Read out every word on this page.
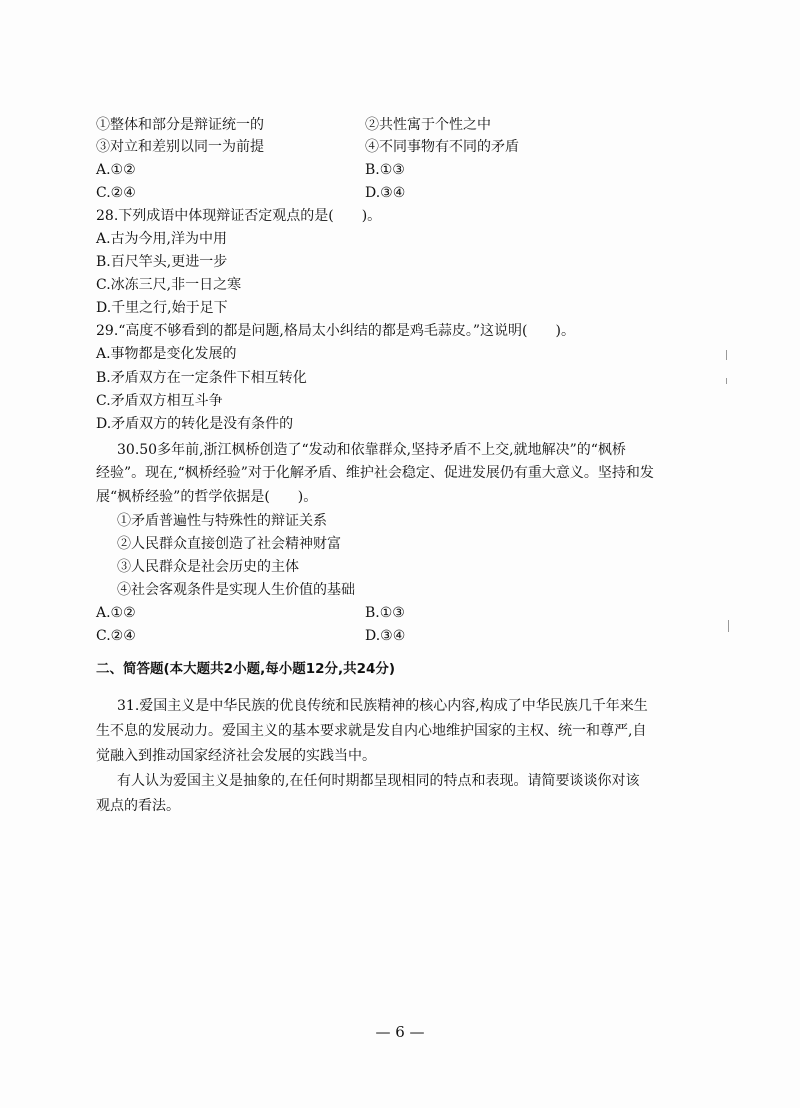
①整体和部分是辩证统一的	②共性寓于个性之中
③对立和差别以同一为前提	④不同事物有不同的矛盾
A.①②	B.①③
C.②④	D.③④
28.下列成语中体现辩证否定观点的是(　　)。
A.古为今用,洋为中用
B.百尺竿头,更进一步
C.冰冻三尺,非一日之寒
D.千里之行,始于足下
29.“高度不够看到的都是问题,格局太小纠结的都是鸡毛蒜皮。”这说明(　　)。
A.事物都是变化发展的
B.矛盾双方在一定条件下相互转化
C.矛盾双方相互斗争
D.矛盾双方的转化是没有条件的
30.50多年前,浙江枫桥创造了“发动和依靠群众,坚持矛盾不上交,就地解决”的“枫桥
经验”。现在,“枫桥经验”对于化解矛盾、维护社会稳定、促进发展仍有重大意义。坚持和发
展“枫桥经验”的哲学依据是(　　)。
①矛盾普遍性与特殊性的辩证关系
②人民群众直接创造了社会精神财富
③人民群众是社会历史的主体
④社会客观条件是实现人生价值的基础
A.①②	B.①③
C.②④	D.③④
二、简答题(本大题共2小题,每小题12分,共24分)
31.爱国主义是中华民族的优良传统和民族精神的核心内容,构成了中华民族几千年来生
生不息的发展动力。爱国主义的基本要求就是发自内心地维护国家的主权、统一和尊严,自
觉融入到推动国家经济社会发展的实践当中。
有人认为爱国主义是抽象的,在任何时期都呈现相同的特点和表现。请简要谈谈你对该
观点的看法。
— 6 —
